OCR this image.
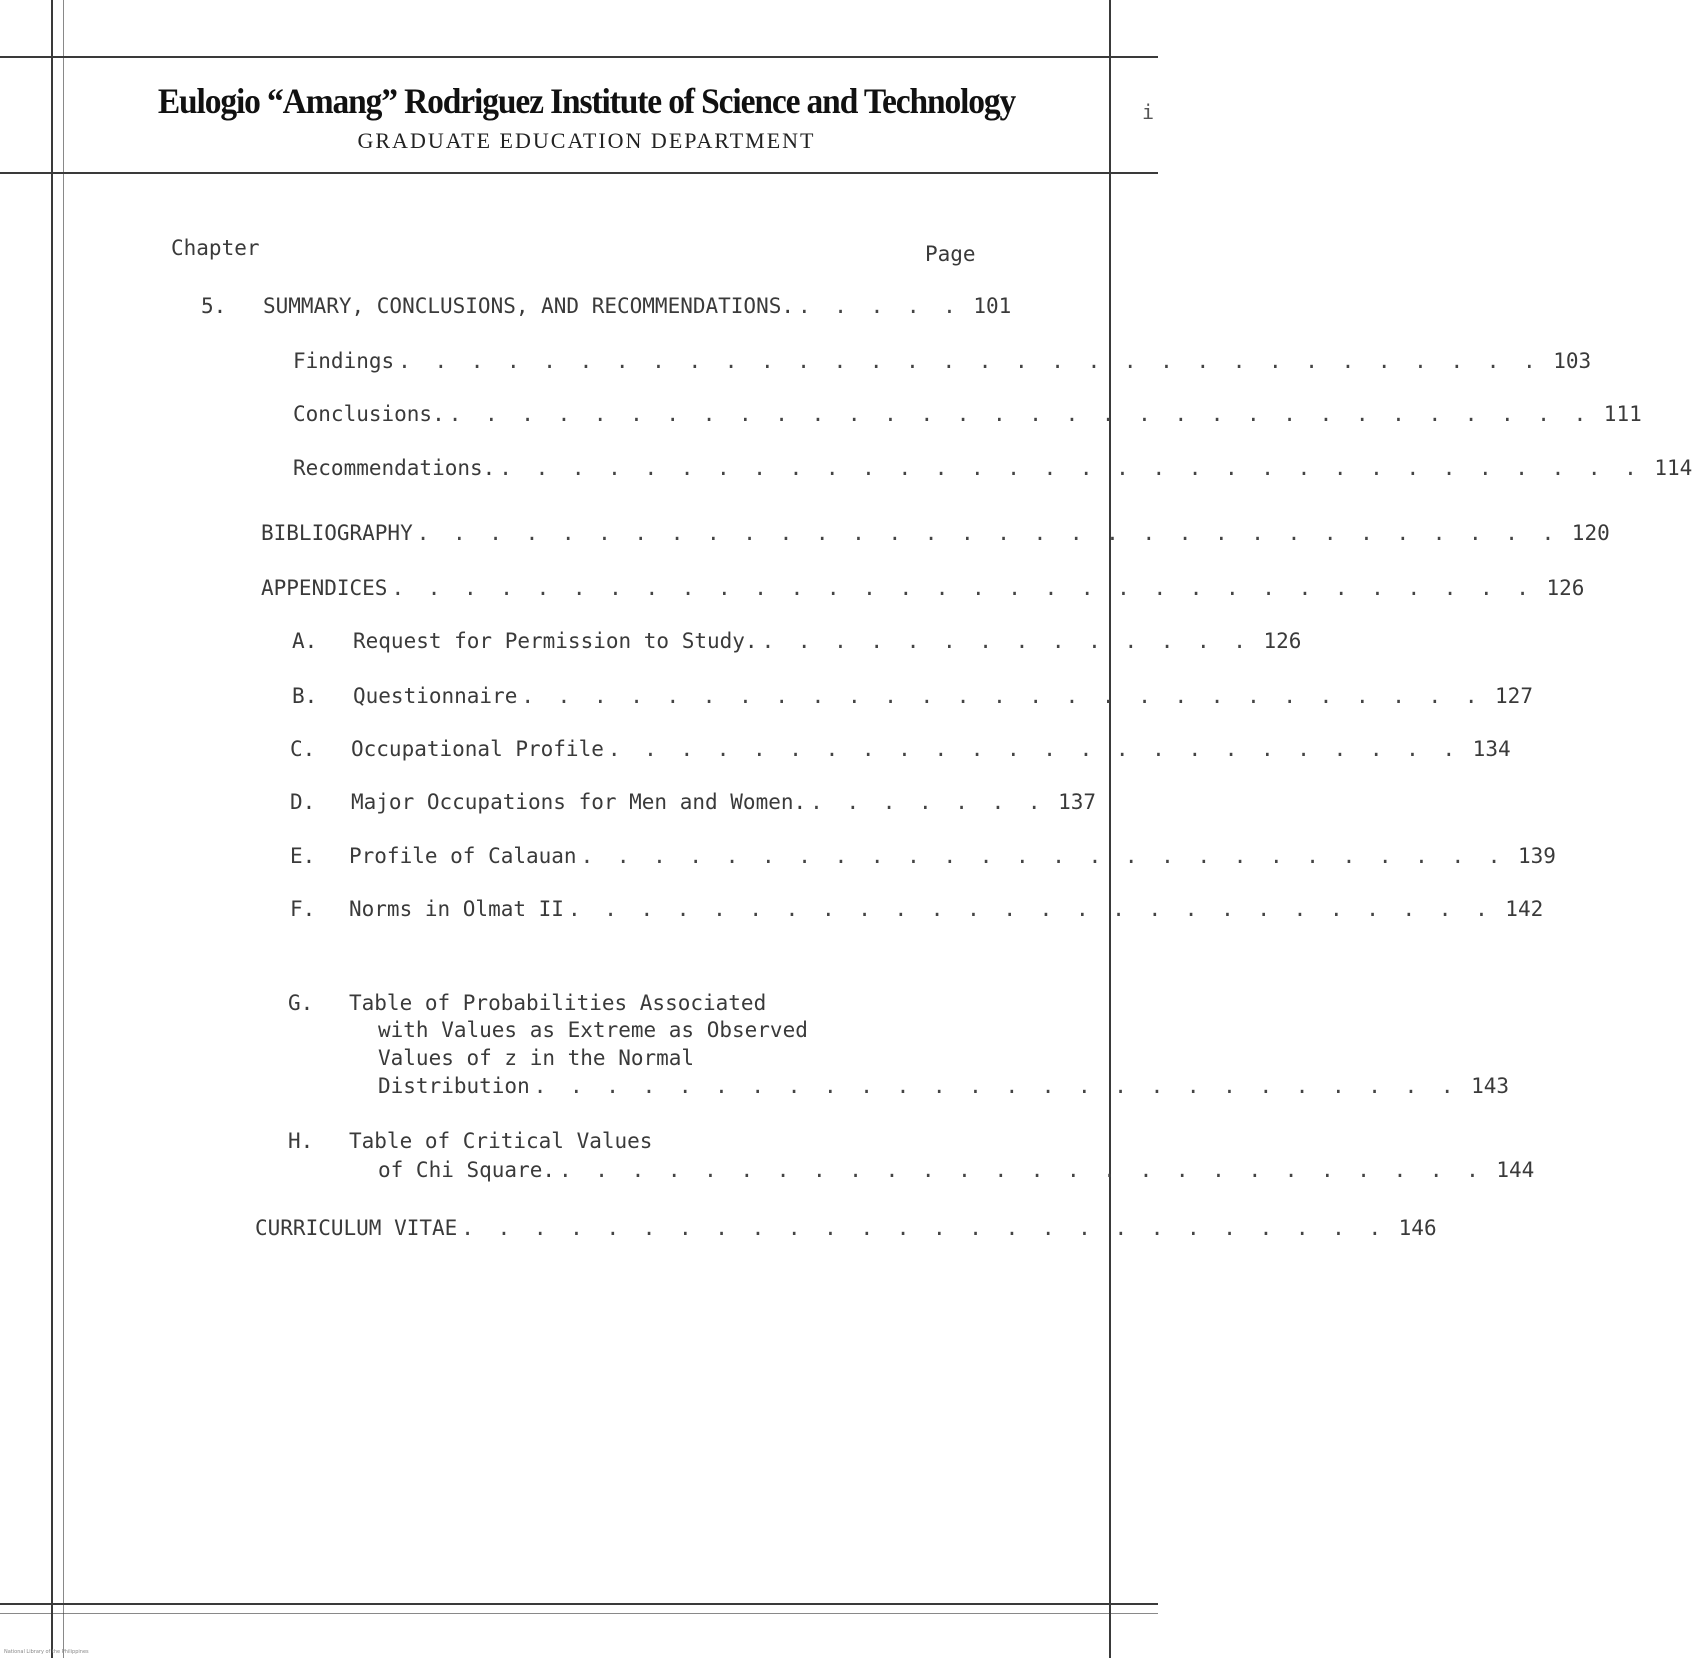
Eulogio “Amang” Rodriguez Institute of Science and Technology
GRADUATE EDUCATION DEPARTMENT
i
Chapter	Page
5. SUMMARY, CONCLUSIONS, AND RECOMMENDATIONS. . . . . . 101
Findings . . . . . . . . . . . . . . . . . . . . . . . . . . . . . . . . 103
Conclusions. . . . . . . . . . . . . . . . . . . . . . . . . . . . . . . . . 111
Recommendations. . . . . . . . . . . . . . . . . . . . . . . . . . . . . . . . . 114
BIBLIOGRAPHY . . . . . . . . . . . . . . . . . . . . . . . . . . . . . . . . 120
APPENDICES . . . . . . . . . . . . . . . . . . . . . . . . . . . . . . . . 126
A. Request for Permission to Study. . . . . . . . . . . . . . . 126
B. Questionnaire . . . . . . . . . . . . . . . . . . . . . . . . . . . 127
C. Occupational Profile . . . . . . . . . . . . . . . . . . . . . . . . 134
D. Major Occupations for Men and Women. . . . . . . . 137
E. Profile of Calauan . . . . . . . . . . . . . . . . . . . . . . . . . . 139
F. Norms in Olmat II . . . . . . . . . . . . . . . . . . . . . . . . . . 142
G. Table of Probabilities Associated
with Values as Extreme as Observed
Values of z in the Normal
Distribution . . . . . . . . . . . . . . . . . . . . . . . . . . 143
H. Table of Critical Values
of Chi Square. . . . . . . . . . . . . . . . . . . . . . . . . . . 144
CURRICULUM VITAE . . . . . . . . . . . . . . . . . . . . . . . . . . 146
National Library of the Philippines
